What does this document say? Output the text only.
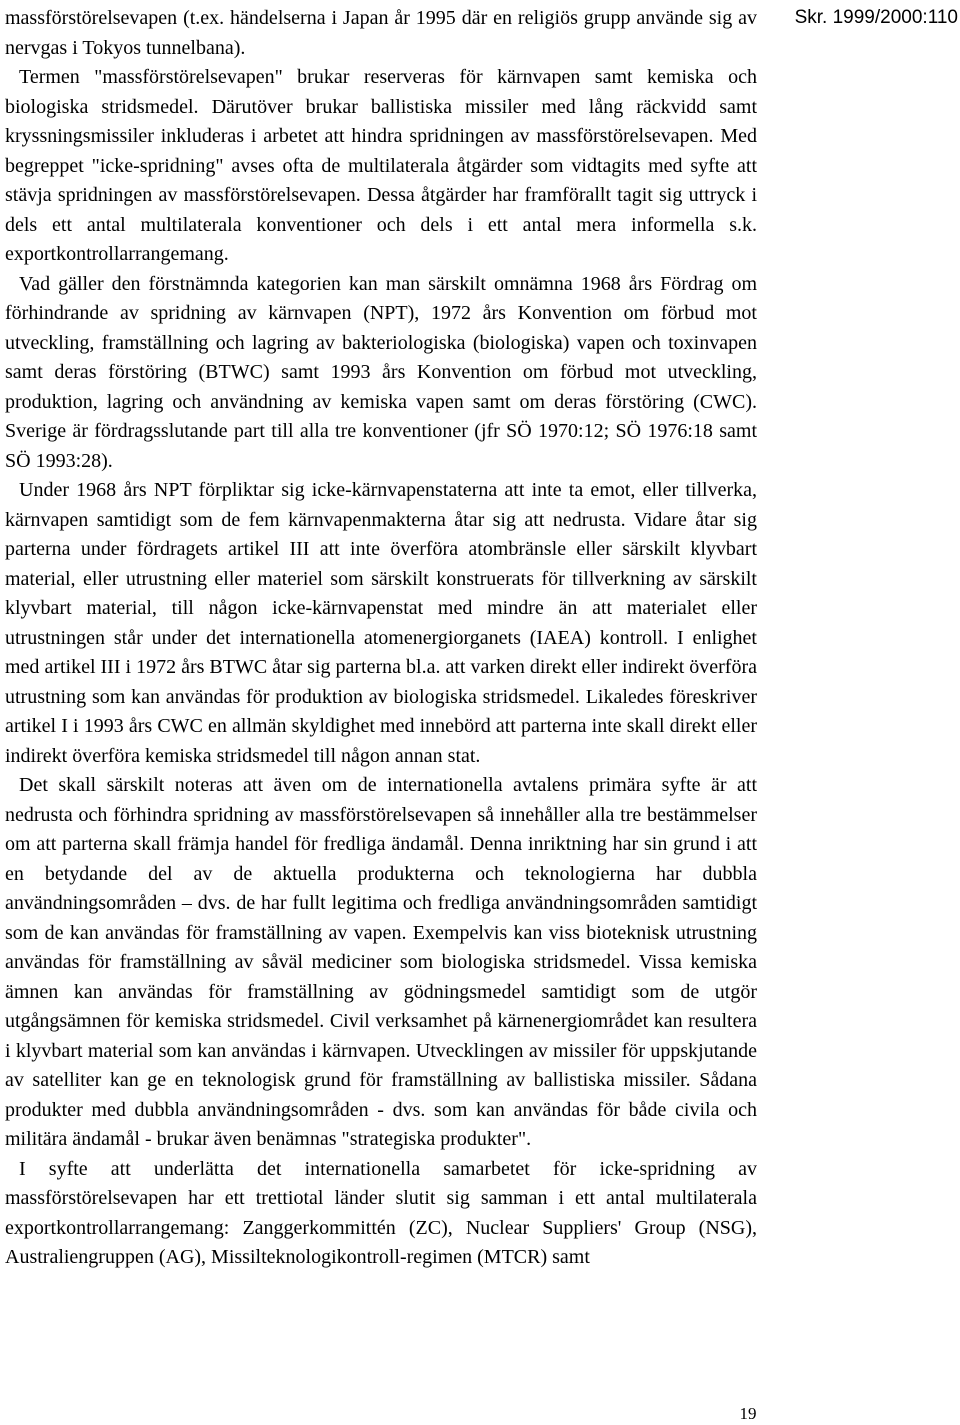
Skr. 1999/2000:110

massförstörelsevapen (t.ex. händelserna i Japan år 1995 där en religiös grupp använde sig av nervgas i Tokyos tunnelbana).

Termen "massförstörelsevapen" brukar reserveras för kärnvapen samt kemiska och biologiska stridsmedel. Därutöver brukar ballistiska missiler med lång räckvidd samt kryssningsmissiler inkluderas i arbetet att hindra spridningen av massförstörelsevapen. Med begreppet "icke-spridning" avses ofta de multilaterala åtgärder som vidtagits med syfte att stävja spridningen av massförstörelsevapen. Dessa åtgärder har framförallt tagit sig uttryck i dels ett antal multilaterala konventioner och dels i ett antal mera informella s.k. exportkontrollarrangemang.

Vad gäller den förstnämnda kategorien kan man särskilt omnämna 1968 års Fördrag om förhindrande av spridning av kärnvapen (NPT), 1972 års Konvention om förbud mot utveckling, framställning och lagring av bakteriologiska (biologiska) vapen och toxinvapen samt deras förstöring (BTWC) samt 1993 års Konvention om förbud mot utveckling, produktion, lagring och användning av kemiska vapen samt om deras förstöring (CWC). Sverige är fördragsslutande part till alla tre konventioner (jfr SÖ 1970:12; SÖ 1976:18 samt SÖ 1993:28).

Under 1968 års NPT förpliktar sig icke-kärnvapenstaterna att inte ta emot, eller tillverka, kärnvapen samtidigt som de fem kärnvapenmakterna åtar sig att nedrusta. Vidare åtar sig parterna under fördragets artikel III att inte överföra atombränsle eller särskilt klyvbart material, eller utrustning eller materiel som särskilt konstruerats för tillverkning av särskilt klyvbart material, till någon icke-kärnvapenstat med mindre än att materialet eller utrustningen står under det internationella atomenergiorganets (IAEA) kontroll. I enlighet med artikel III i 1972 års BTWC åtar sig parterna bl.a. att varken direkt eller indirekt överföra utrustning som kan användas för produktion av biologiska stridsmedel. Likaledes föreskriver artikel I i 1993 års CWC en allmän skyldighet med innebörd att parterna inte skall direkt eller indirekt överföra kemiska stridsmedel till någon annan stat.

Det skall särskilt noteras att även om de internationella avtalens primära syfte är att nedrusta och förhindra spridning av massförstörelsevapen så innehåller alla tre bestämmelser om att parterna skall främja handel för fredliga ändamål. Denna inriktning har sin grund i att en betydande del av de aktuella produkterna och teknologierna har dubbla användningsområden – dvs. de har fullt legitima och fredliga användningsområden samtidigt som de kan användas för framställning av vapen. Exempelvis kan viss bioteknisk utrustning användas för framställning av såväl mediciner som biologiska stridsmedel. Vissa kemiska ämnen kan användas för framställning av gödningsmedel samtidigt som de utgör utgångsämnen för kemiska stridsmedel. Civil verksamhet på kärnenergiområdet kan resultera i klyvbart material som kan användas i kärnvapen. Utvecklingen av missiler för uppskjutande av satelliter kan ge en teknologisk grund för framställning av ballistiska missiler. Sådana produkter med dubbla användningsområden - dvs. som kan användas för både civila och militära ändamål - brukar även benämnas "strategiska produkter".

I syfte att underlätta det internationella samarbetet för icke-spridning av massförstörelsevapen har ett trettiotal länder slutit sig samman i ett antal multilaterala exportkontrollarrangemang: Zanggerkommittén (ZC), Nuclear Suppliers' Group (NSG), Australiengruppen (AG), Missilteknologikontroll-regimen (MTCR) samt

19
